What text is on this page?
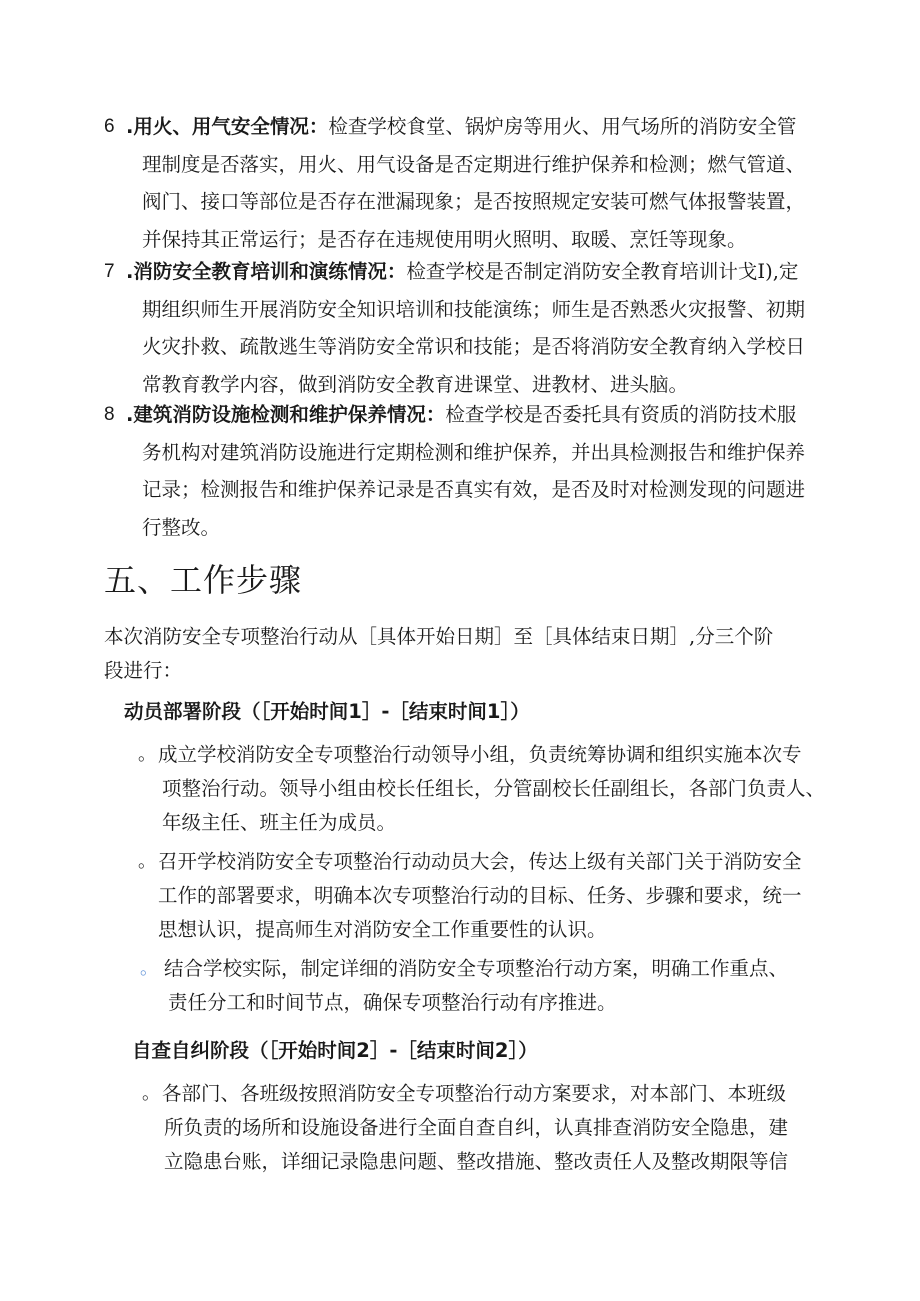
6 .用火、用气安全情况：检查学校食堂、锅炉房等用火、用气场所的消防安全管
理制度是否落实，用火、用气设备是否定期进行维护保养和检测；燃气管道、
阀门、接口等部位是否存在泄漏现象；是否按照规定安装可燃气体报警装置，
并保持其正常运行；是否存在违规使用明火照明、取暖、烹饪等现象。
7 .消防安全教育培训和演练情况：检查学校是否制定消防安全教育培训计戈I),定
期组织师生开展消防安全知识培训和技能演练；师生是否熟悉火灾报警、初期
火灾扑救、疏散逃生等消防安全常识和技能；是否将消防安全教育纳入学校日
常教育教学内容，做到消防安全教育进课堂、进教材、进头脑。
8 .建筑消防设施检测和维护保养情况：检查学校是否委托具有资质的消防技术服
务机构对建筑消防设施进行定期检测和维护保养，并出具检测报告和维护保养
记录；检测报告和维护保养记录是否真实有效，是否及时对检测发现的问题进
行整改。
五、工作步骤
本次消防安全专项整治行动从［具体开始日期］至［具体结束日期］,分三个阶
段进行：
动员部署阶段（［开始时间1］-［结束时间1］）
。 成立学校消防安全专项整治行动领导小组，负责统筹协调和组织实施本次专
项整治行动。领导小组由校长任组长，分管副校长任副组长，各部门负责人、
年级主任、班主任为成员。
。 召开学校消防安全专项整治行动动员大会，传达上级有关部门关于消防安全
工作的部署要求，明确本次专项整治行动的目标、任务、步骤和要求，统一
思想认识，提高师生对消防安全工作重要性的认识。
。 结合学校实际，制定详细的消防安全专项整治行动方案，明确工作重点、
责任分工和时间节点，确保专项整治行动有序推进。
自查自纠阶段（［开始时间2］-［结束时间2］）
。 各部门、各班级按照消防安全专项整治行动方案要求，对本部门、本班级
所负责的场所和设施设备进行全面自查自纠，认真排查消防安全隐患，建
立隐患台账，详细记录隐患问题、整改措施、整改责任人及整改期限等信
